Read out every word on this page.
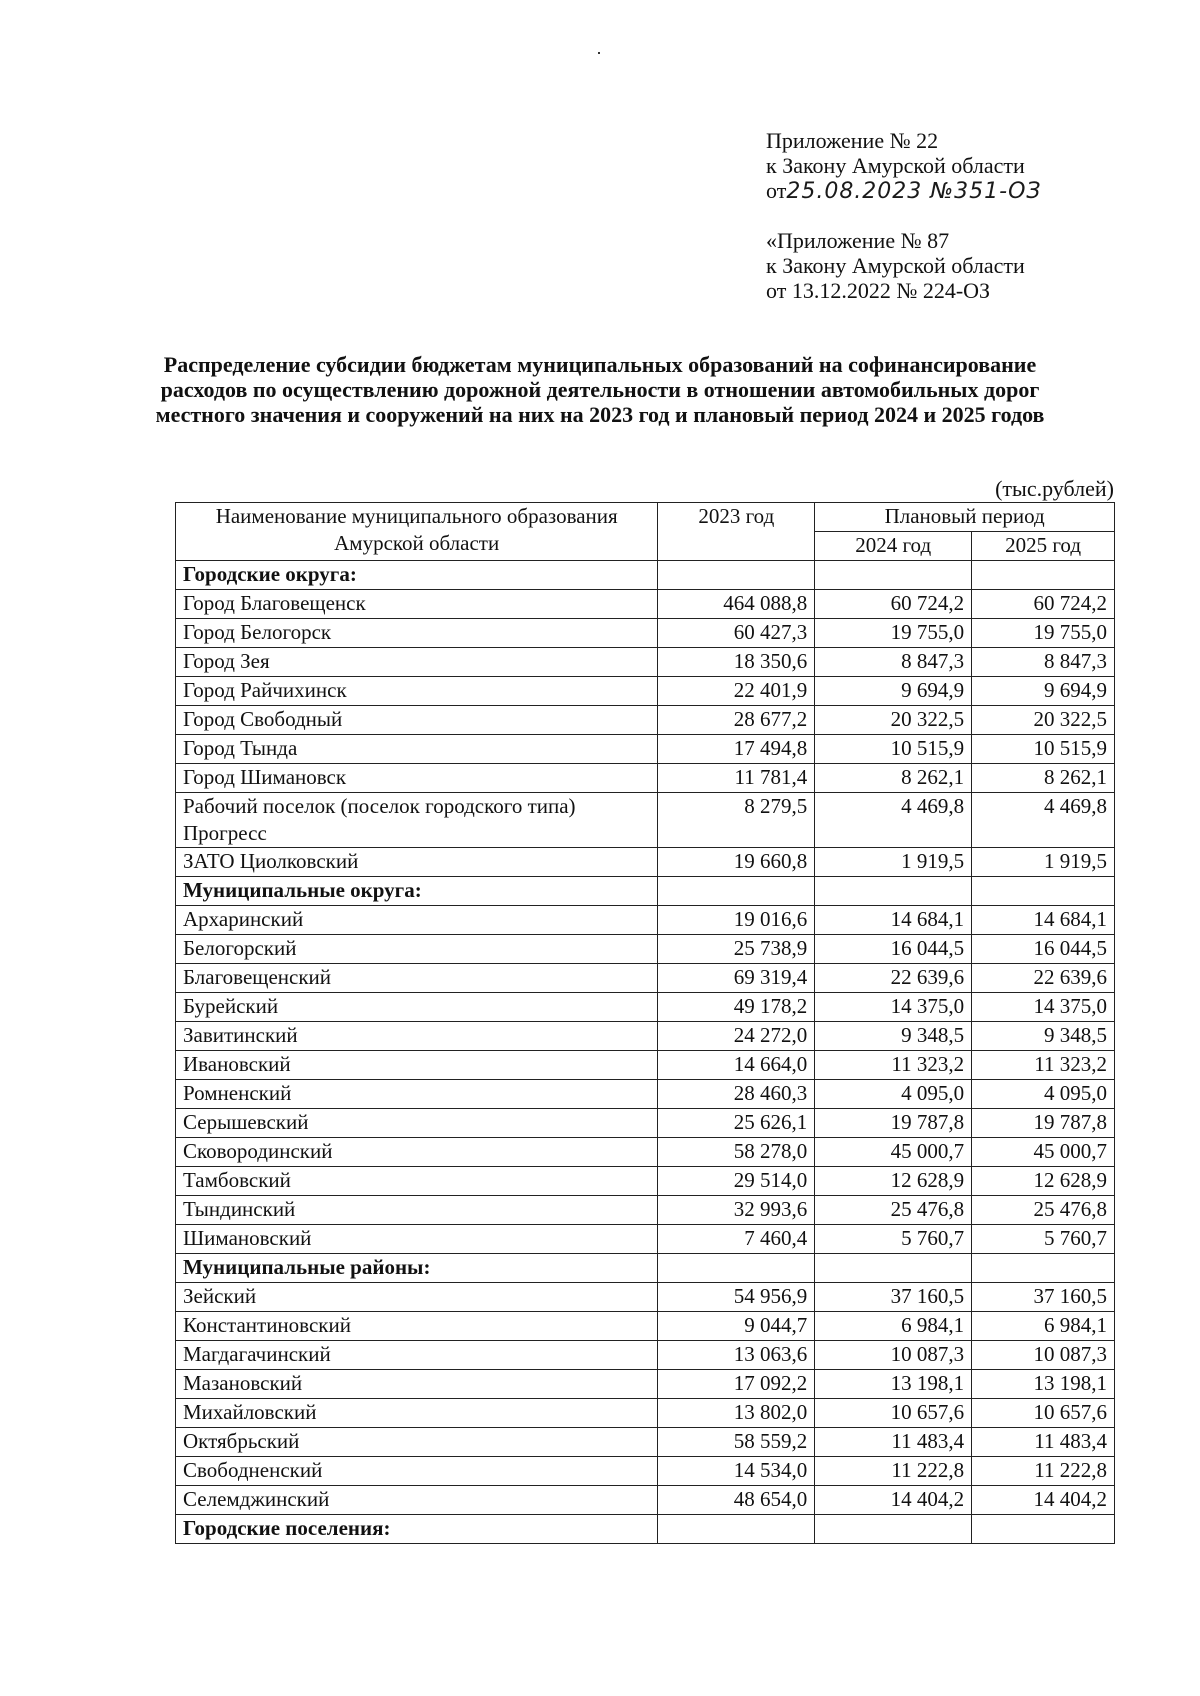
Приложение № 22
к Закону Амурской области
от25.08.2023 №351-ОЗ
«Приложение № 87
к Закону Амурской области
от 13.12.2022 № 224-ОЗ
Распределение субсидии бюджетам муниципальных образований на софинансирование расходов по осуществлению дорожной деятельности в отношении автомобильных дорог местного значения и сооружений на них на 2023 год и плановый период 2024 и 2025 годов
(тыс.рублей)
Наименование муниципального образования Амурской области	2023 год	Плановый период	
		2024 год	2025 год
Городские округа:			
Город Благовещенск	464 088,8	60 724,2	60 724,2
Город Белогорск	60 427,3	19 755,0	19 755,0
Город Зея	18 350,6	8 847,3	8 847,3
Город Райчихинск	22 401,9	9 694,9	9 694,9
Город Свободный	28 677,2	20 322,5	20 322,5
Город Тында	17 494,8	10 515,9	10 515,9
Город Шимановск	11 781,4	8 262,1	8 262,1
Рабочий поселок (поселок городского типа) Прогресс	8 279,5	4 469,8	4 469,8
ЗАТО Циолковский	19 660,8	1 919,5	1 919,5
Муниципальные округа:			
Архаринский	19 016,6	14 684,1	14 684,1
Белогорский	25 738,9	16 044,5	16 044,5
Благовещенский	69 319,4	22 639,6	22 639,6
Бурейский	49 178,2	14 375,0	14 375,0
Завитинский	24 272,0	9 348,5	9 348,5
Ивановский	14 664,0	11 323,2	11 323,2
Ромненский	28 460,3	4 095,0	4 095,0
Серышевский	25 626,1	19 787,8	19 787,8
Сковородинский	58 278,0	45 000,7	45 000,7
Тамбовский	29 514,0	12 628,9	12 628,9
Тындинский	32 993,6	25 476,8	25 476,8
Шимановский	7 460,4	5 760,7	5 760,7
Муниципальные районы:			
Зейский	54 956,9	37 160,5	37 160,5
Константиновский	9 044,7	6 984,1	6 984,1
Магдагачинский	13 063,6	10 087,3	10 087,3
Мазановский	17 092,2	13 198,1	13 198,1
Михайловский	13 802,0	10 657,6	10 657,6
Октябрьский	58 559,2	11 483,4	11 483,4
Свободненский	14 534,0	11 222,8	11 222,8
Селемджинский	48 654,0	14 404,2	14 404,2
Городские поселения:			
